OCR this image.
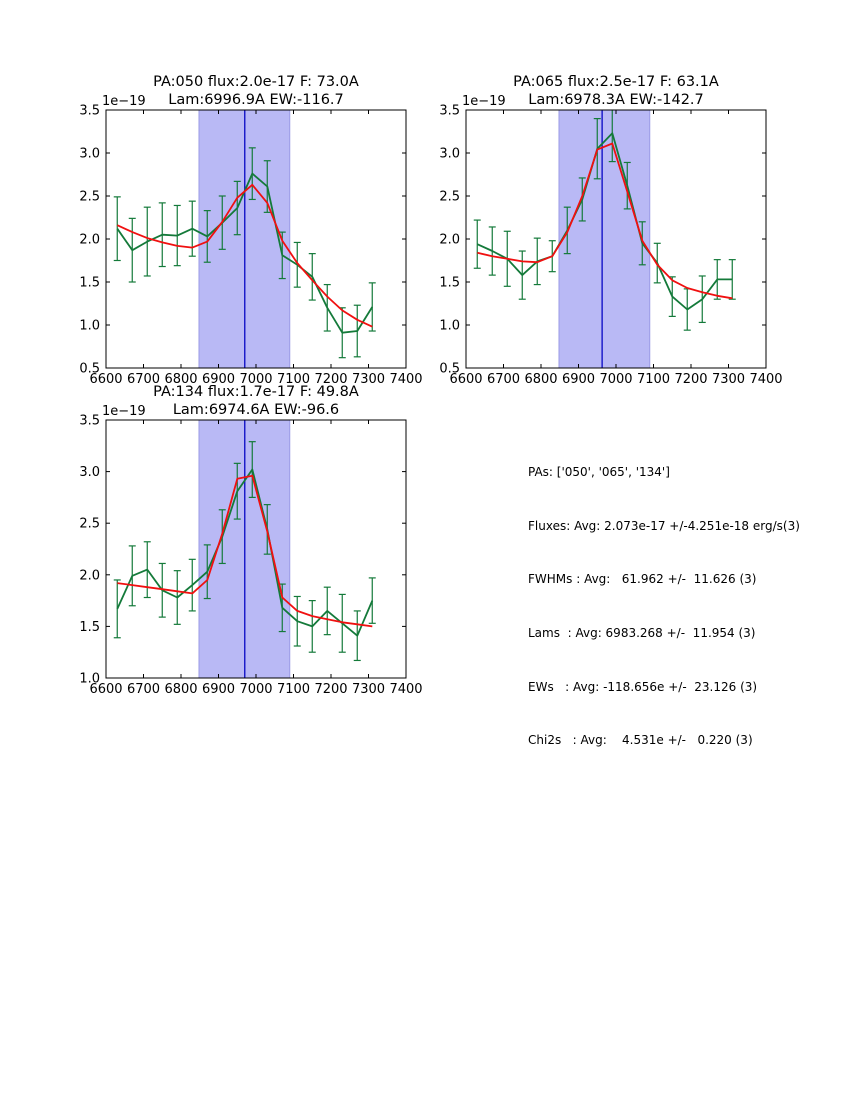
6600 6700 6800 6900 7000 7100 7200 7300 7400
0.5
1.0
1.5
2.0
2.5
3.0
3.5
PA:050 flux:2.0e-17 F: 73.0A
Lam:6996.9A EW:-116.7
1e−19
6600 6700 6800 6900 7000 7100 7200 7300 7400
0.5
1.0
1.5
2.0
2.5
3.0
3.5
PA:065 flux:2.5e-17 F: 63.1A
Lam:6978.3A EW:-142.7
1e−19
6600 6700 6800 6900 7000 7100 7200 7300 7400
1.0
1.5
2.0
2.5
3.0
3.5
PA:134 flux:1.7e-17 F: 49.8A
Lam:6974.6A EW:-96.6
1e−19

PAs: ['050', '065', '134']

Fluxes: Avg: 2.073e-17 +/-4.251e-18 erg/s(3)

FWHMs : Avg:   61.962 +/-  11.626 (3)

Lams  : Avg: 6983.268 +/-  11.954 (3)

EWs   : Avg: -118.656e +/-  23.126 (3)

Chi2s   : Avg:    4.531e +/-   0.220 (3)
